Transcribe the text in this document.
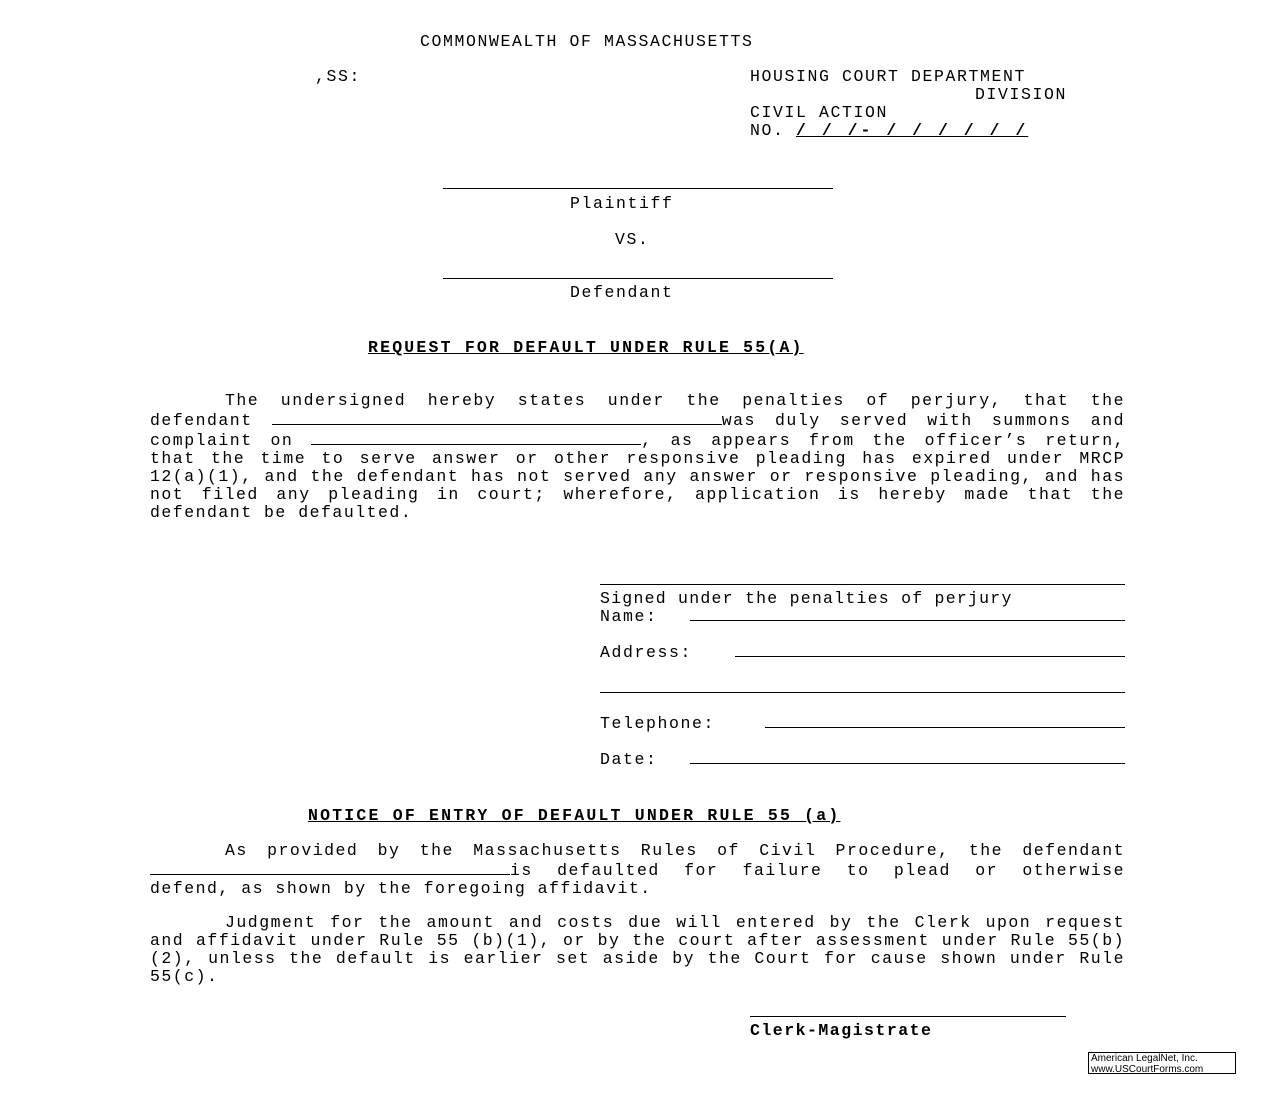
COMMONWEALTH OF MASSACHUSETTS
,SS:	HOUSING COURT DEPARTMENT
DIVISION
CIVIL ACTION
NO. / / /- / / / / / /
Plaintiff
VS.
Defendant
REQUEST FOR DEFAULT UNDER RULE 55(A)

The undersigned hereby states under the penalties of perjury, that the defendant	was duly served with summons and complaint on	, as appears from the officer’s return, that the time to serve answer or other responsive pleading has expired under MRCP 12(a)(1), and the defendant has not served any answer or responsive pleading, and has not filed any pleading in court; wherefore, application is hereby made that the defendant be defaulted.

Signed under the penalties of perjury
Name:
Address:
Telephone:
Date:
NOTICE OF ENTRY OF DEFAULT UNDER RULE 55 (a)

As provided by the Massachusetts Rules of Civil Procedure, the defendant is defaulted for failure to plead or otherwise defend, as shown by the foregoing affidavit.

Judgment for the amount and costs due will entered by the Clerk upon request and affidavit under Rule 55 (b)(1), or by the court after assessment under Rule 55(b)(2), unless the default is earlier set aside by the Court for cause shown under Rule 55(c).

Clerk-Magistrate
American LegalNet, Inc.
www.USCourtForms.com
